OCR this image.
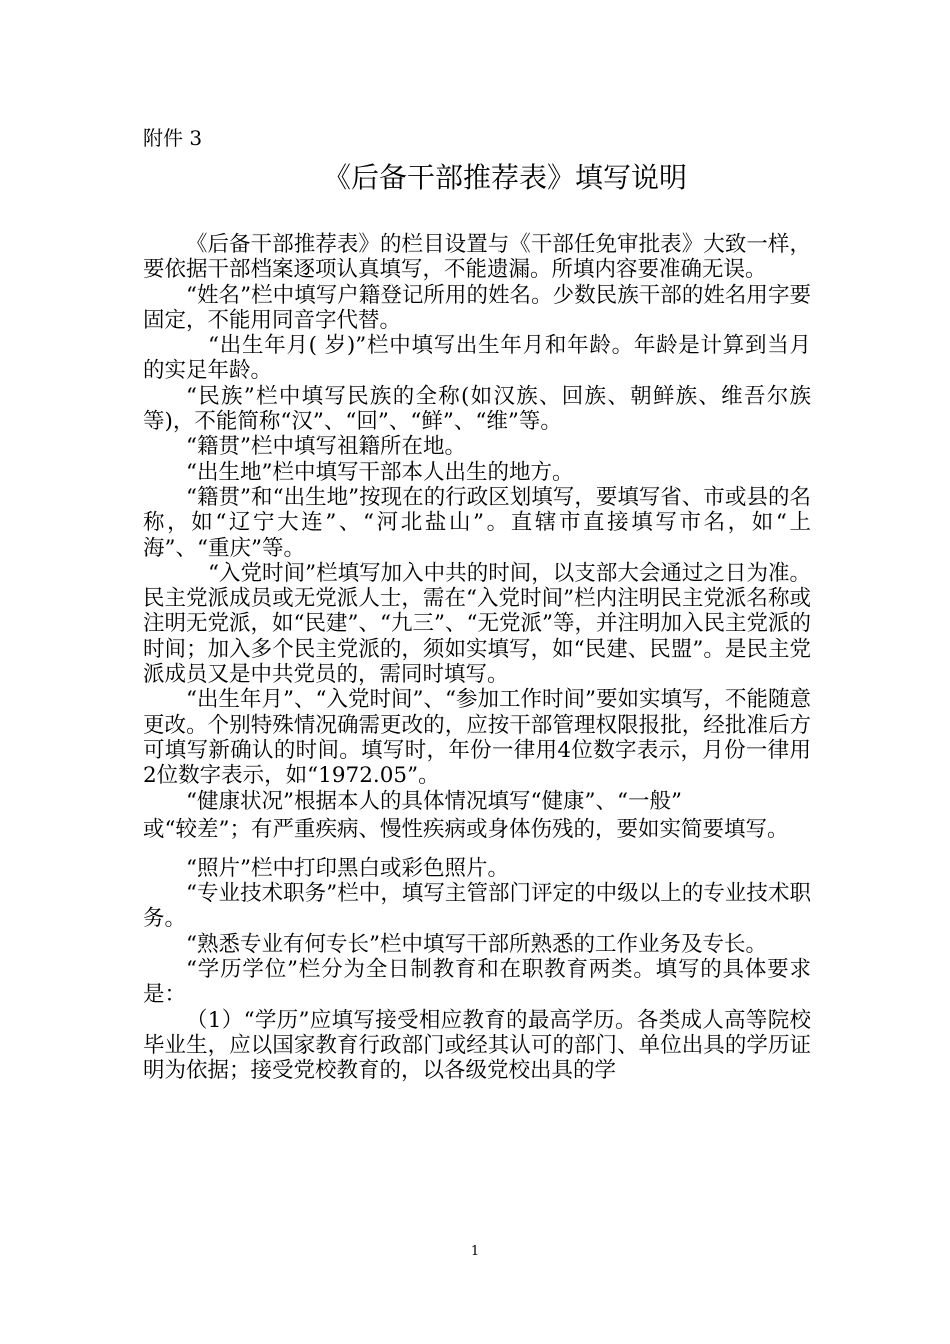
附件 3
《后备干部推荐表》填写说明

《后备干部推荐表》的栏目设置与《干部任免审批表》大致一样，要依据干部档案逐项认真填写，不能遗漏。所填内容要准确无误。

“姓名”栏中填写户籍登记所用的姓名。少数民族干部的姓名用字要固定，不能用同音字代替。

“出生年月( 岁)”栏中填写出生年月和年龄。年龄是计算到当月的实足年龄。

“民族”栏中填写民族的全称(如汉族、回族、朝鲜族、维吾尔族等)，不能简称“汉”、“回”、“鲜”、“维”等。

“籍贯”栏中填写祖籍所在地。

“出生地”栏中填写干部本人出生的地方。

“籍贯”和“出生地”按现在的行政区划填写，要填写省、市或县的名称，如“辽宁大连”、“河北盐山”。直辖市直接填写市名，如“上海”、“重庆”等。

“入党时间”栏填写加入中共的时间，以支部大会通过之日为准。民主党派成员或无党派人士，需在“入党时间”栏内注明民主党派名称或注明无党派，如“民建”、“九三”、“无党派”等，并注明加入民主党派的时间；加入多个民主党派的，须如实填写，如“民建、民盟”。是民主党派成员又是中共党员的，需同时填写。

“出生年月”、“入党时间”、“参加工作时间”要如实填写，不能随意更改。个别特殊情况确需更改的，应按干部管理权限报批，经批准后方可填写新确认的时间。填写时，年份一律用4位数字表示，月份一律用2位数字表示，如“1972.05”。

“健康状况”根据本人的具体情况填写“健康”、“一般”

或“较差”；有严重疾病、慢性疾病或身体伤残的，要如实简要填写。

“照片”栏中打印黑白或彩色照片。

“专业技术职务”栏中，填写主管部门评定的中级以上的专业技术职务。

“熟悉专业有何专长”栏中填写干部所熟悉的工作业务及专长。

“学历学位”栏分为全日制教育和在职教育两类。填写的具体要求是：

（1）“学历”应填写接受相应教育的最高学历。各类成人高等院校毕业生，应以国家教育行政部门或经其认可的部门、单位出具的学历证明为依据；接受党校教育的，以各级党校出具的学

1
